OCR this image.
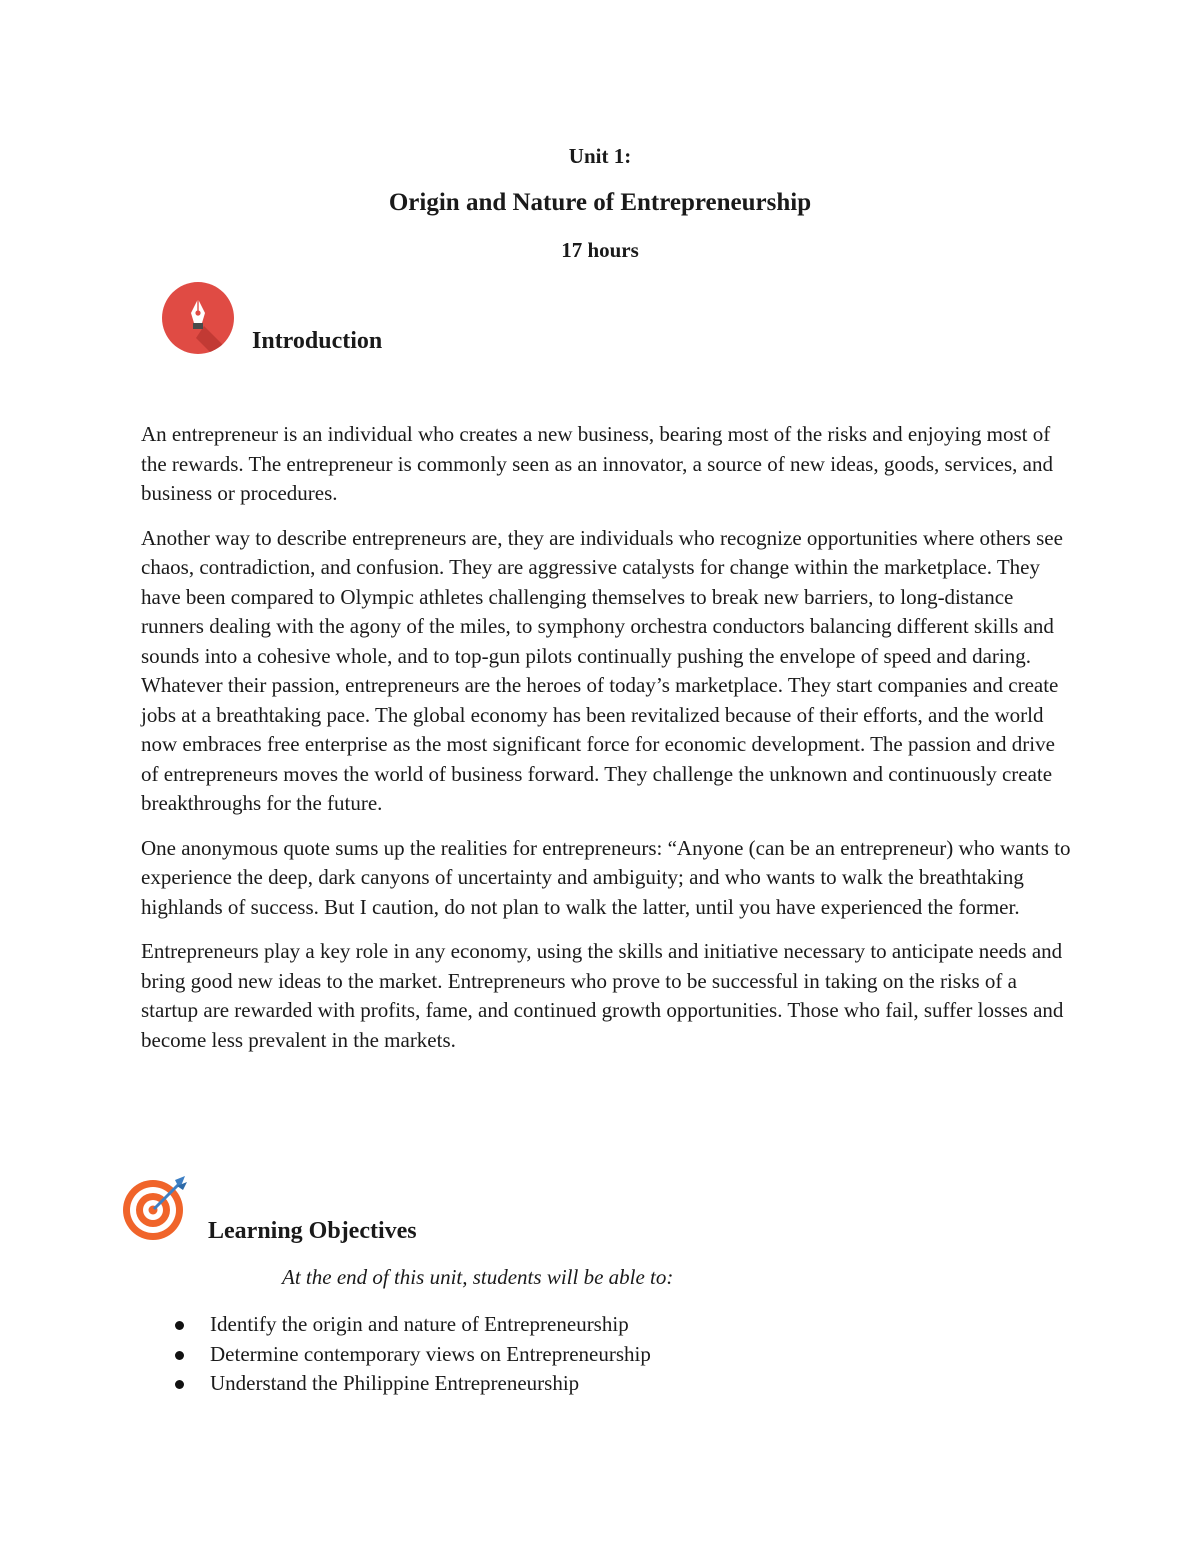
Unit 1:
Origin and Nature of Entrepreneurship
17 hours
Introduction

An entrepreneur is an individual who creates a new business, bearing most of the risks and enjoying most of the rewards. The entrepreneur is commonly seen as an innovator, a source of new ideas, goods, services, and business or procedures.

Another way to describe entrepreneurs are, they are individuals who recognize opportunities where others see chaos, contradiction, and confusion. They are aggressive catalysts for change within the marketplace. They have been compared to Olympic athletes challenging themselves to break new barriers, to long-distance runners dealing with the agony of the miles, to symphony orchestra conductors balancing different skills and sounds into a cohesive whole, and to top-gun pilots continually pushing the envelope of speed and daring. Whatever their passion, entrepreneurs are the heroes of today’s marketplace. They start companies and create jobs at a breathtaking pace. The global economy has been revitalized because of their efforts, and the world now embraces free enterprise as the most significant force for economic development. The passion and drive of entrepreneurs moves the world of business forward. They challenge the unknown and continuously create breakthroughs for the future.

One anonymous quote sums up the realities for entrepreneurs: “Anyone (can be an entrepreneur) who wants to experience the deep, dark canyons of uncertainty and ambiguity; and who wants to walk the breathtaking highlands of success. But I caution, do not plan to walk the latter, until you have experienced the former.

Entrepreneurs play a key role in any economy, using the skills and initiative necessary to anticipate needs and bring good new ideas to the market. Entrepreneurs who prove to be successful in taking on the risks of a startup are rewarded with profits, fame, and continued growth opportunities. Those who fail, suffer losses and become less prevalent in the markets.

Learning Objectives
At the end of this unit, students will be able to:
Identify the origin and nature of Entrepreneurship
Determine contemporary views on Entrepreneurship
Understand the Philippine Entrepreneurship
